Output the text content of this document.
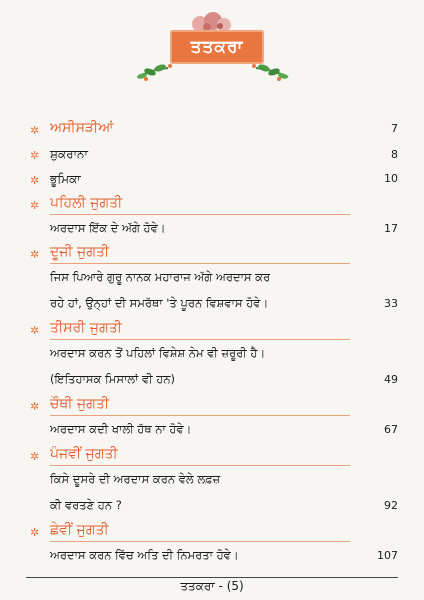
ਤਤਕਰਾ
✲ ਅਸੀਸੜੀਆਂ	7
✲ ਸ਼ੁਕਰਾਨਾ	8
✲ ਭੂਮਿਕਾ	10
✲ ਪਹਿਲੀ ਜੁਗਤੀ
ਅਰਦਾਸ ਇੱਕ ਦੇ ਅੱਗੇ ਹੋਵੇ।	17
✲ ਦੂਜੀ ਜੁਗਤੀ
ਜਿਸ ਪਿਆਰੇ ਗੁਰੂ ਨਾਨਕ ਮਹਾਰਾਜ ਅੱਗੇ ਅਰਦਾਸ ਕਰ
ਰਹੇ ਹਾਂ, ਉਨ੍ਹਾਂ ਦੀ ਸਮਰੱਥਾ 'ਤੇ ਪੂਰਨ ਵਿਸ਼ਵਾਸ ਹੋਵੇ।	33
✲ ਤੀਸਰੀ ਜੁਗਤੀ
ਅਰਦਾਸ ਕਰਨ ਤੋਂ ਪਹਿਲਾਂ ਵਿਸ਼ੇਸ਼ ਨੇਮ ਵੀ ਜ਼ਰੂਰੀ ਹੈ।
(ਇਤਿਹਾਸਕ ਮਿਸਾਲਾਂ ਵੀ ਹਨ)	49
✲ ਚੌਥੀ ਜੁਗਤੀ
ਅਰਦਾਸ ਕਦੀ ਖਾਲੀ ਹੱਥ ਨਾ ਹੋਵੇ।	67
✲ ਪੰਜਵੀਂ ਜੁਗਤੀ
ਕਿਸੇ ਦੂਸਰੇ ਦੀ ਅਰਦਾਸ ਕਰਨ ਵੇਲੇ ਲਫ਼ਜ਼
ਕੀ ਵਰਤਣੇ ਹਨ ?	92
✲ ਛੇਵੀਂ ਜੁਗਤੀ
ਅਰਦਾਸ ਕਰਨ ਵਿੱਚ ਅਤਿ ਦੀ ਨਿਮਰਤਾ ਹੋਵੇ।	107
ਤਤਕਰਾ - (5)
